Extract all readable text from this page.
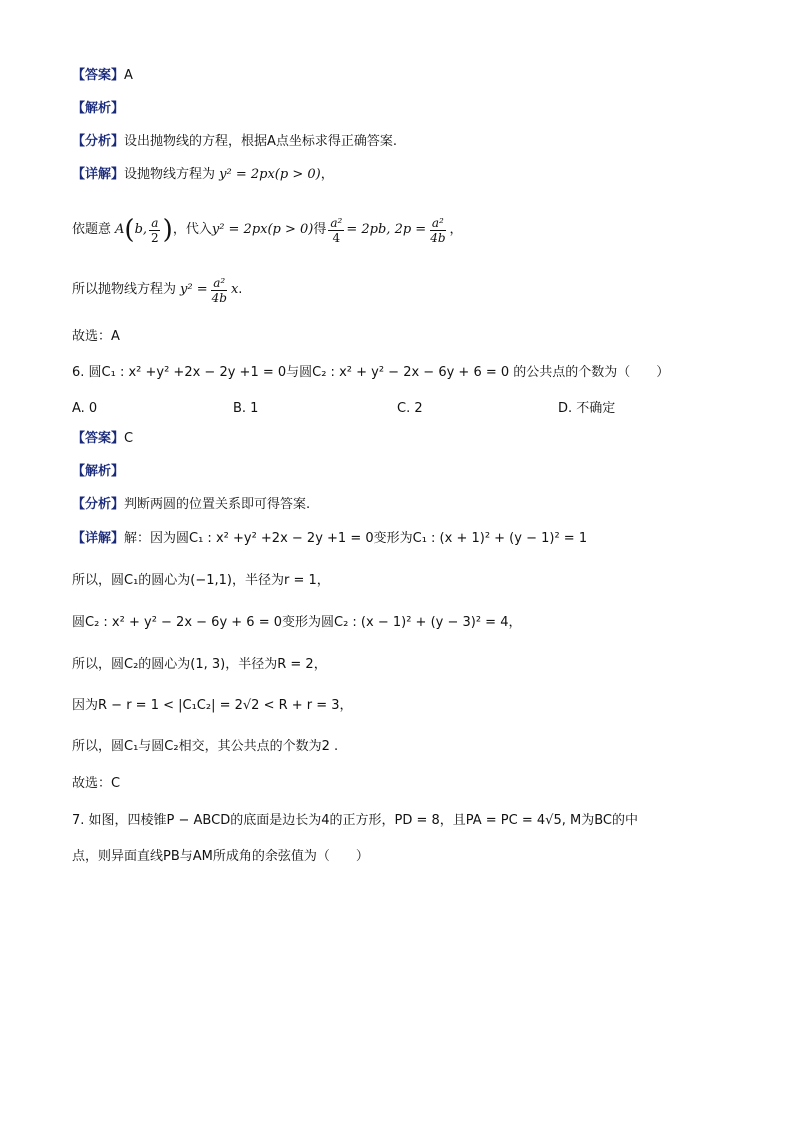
【答案】A
【解析】
【分析】设出抛物线的方程，根据A点坐标求得正确答案.
【详解】设抛物线方程为 y² = 2px(p > 0)，
依题意 A ( b, $\frac{a}{2}$ ) ，代入 y² = 2px(p > 0) 得 $\frac{\text{a²}}{4} = 2pb$, $2p = \frac{\text{a²}}{4b}$ ，
所以抛物线方程为 $y^2 = \frac{\text{a²}}{4b}$ x .
故选：A
6. 圆C₁ : x² +y² +2x − 2y +1 = 0与圆C₂ : x² + y² − 2x − 6y + 6 = 0 的公共点的个数为（　　）
A. 0	B. 1	C. 2	D. 不确定
【答案】C
【解析】
【分析】判断两圆的位置关系即可得答案.
【详解】解：因为圆C₁ : x² +y² +2x − 2y +1 = 0变形为C₁ : (x + 1)² + (y − 1)² = 1
所以，圆C₁的圆心为(−1,1)，半径为r = 1，
圆C₂ : x² + y² − 2x − 6y + 6 = 0变形为圆C₂ : (x − 1)² + (y − 3)² = 4，
所以，圆C₂的圆心为(1, 3)，半径为R = 2，
因为R − r = 1 < |C₁C₂| = 2√2 < R + r = 3，
所以，圆C₁与圆C₂相交，其公共点的个数为2 .
故选：C
7. 如图，四棱锥P − ABCD的底面是边长为4的正方形，PD = 8，且PA = PC = 4√5, M为BC的中
点，则异面直线PB与AM所成角的余弦值为（　　）
